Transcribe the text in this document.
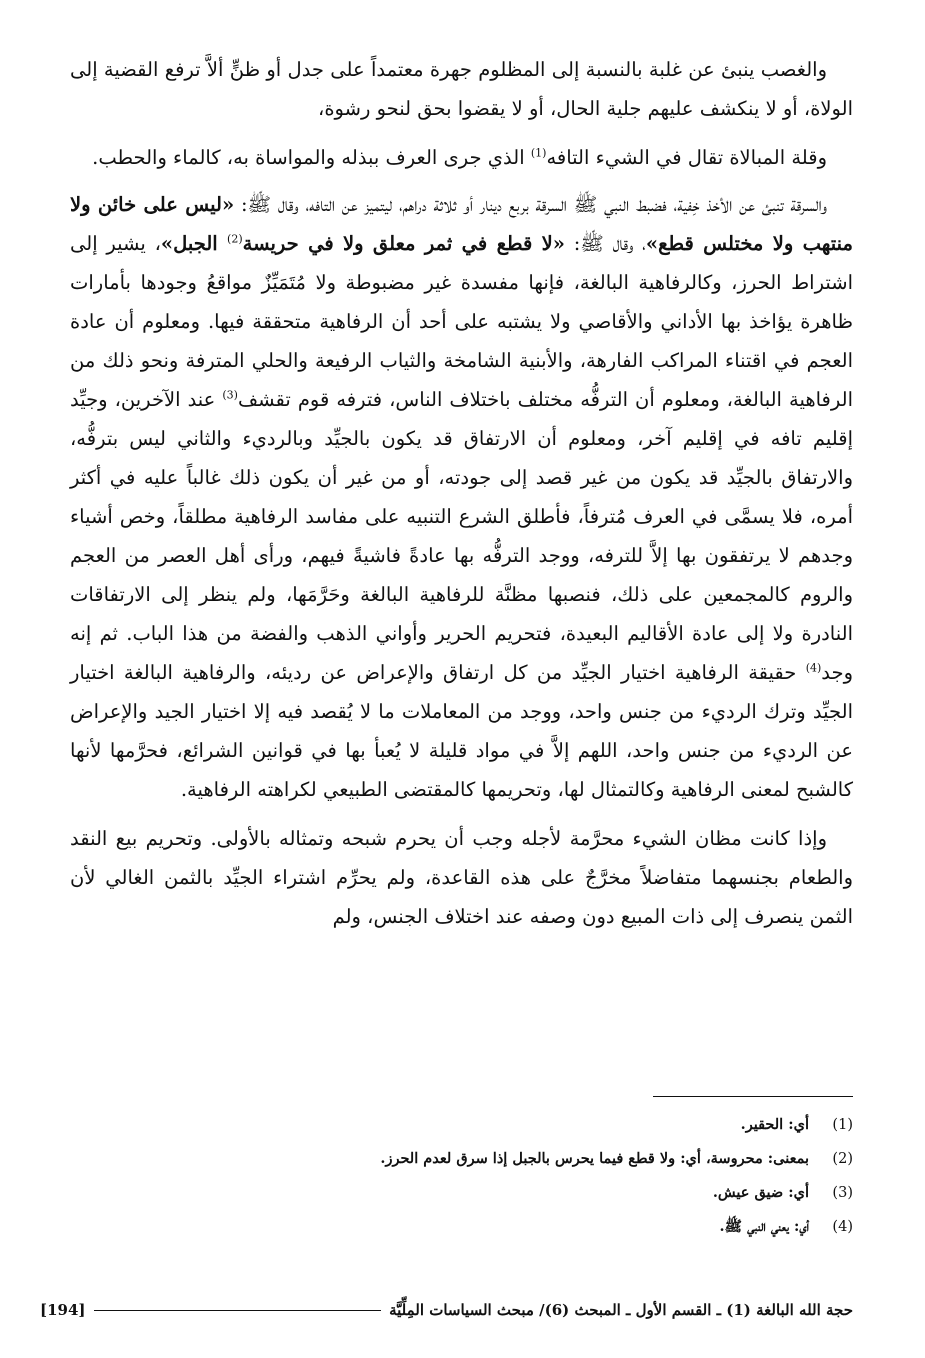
والغصب ينبئ عن غلبة بالنسبة إلى المظلوم جهرة معتمداً على جدل أو ظنٍّ ألاَّ ترفع القضية إلى الولاة، أو لا ينكشف عليهم جلية الحال، أو لا يقضوا بحق لنحو رشوة،

وقلة المبالاة تقال في الشيء التافه$^{(1)}$ الذي جرى العرف ببذله والمواساة به، كالماء والحطب.

والسرقة تنبئ عن الأخذ خِفية، فضبط النبي ﷺ السرقة بربع دينار أو ثلاثة دراهم، ليتميز عن التافه، وقال ﷺ: «ليس على خائن ولا منتهب ولا مختلس قطع»، وقال ﷺ: «لا قطع في ثمر معلق ولا في حريسة$^{(2)}$ الجبل»، يشير إلى اشتراط الحرز، وكالرفاهية البالغة، فإنها مفسدة غير مضبوطة ولا مُتَمَيِّزٌ مواقعُ وجودها بأمارات ظاهرة يؤاخذ بها الأداني والأقاصي ولا يشتبه على أحد أن الرفاهية متحققة فيها. ومعلوم أن عادة العجم في اقتناء المراكب الفارهة، والأبنية الشامخة والثياب الرفيعة والحلي المترفة ونحو ذلك من الرفاهية البالغة، ومعلوم أن الترفُّه مختلف باختلاف الناس، فترفه قوم تقشف$^{(3)}$ عند الآخرين، وجيِّد إقليم تافه في إقليم آخر، ومعلوم أن الارتفاق قد يكون بالجيِّد وبالرديء والثاني ليس بترفُّه، والارتفاق بالجيِّد قد يكون من غير قصد إلى جودته، أو من غير أن يكون ذلك غالباً عليه في أكثر أمره، فلا يسمَّى في العرف مُترفاً، فأطلق الشرع التنبيه على مفاسد الرفاهية مطلقاً، وخص أشياء وجدهم لا يرتفقون بها إلاَّ للترفه، ووجد الترفُّه بها عادةً فاشيةً فيهم، ورأى أهل العصر من العجم والروم كالمجمعين على ذلك، فنصبها مظنَّة للرفاهية البالغة وحَرَّمَها، ولم ينظر إلى الارتفاقات النادرة ولا إلى عادة الأقاليم البعيدة، فتحريم الحرير وأواني الذهب والفضة من هذا الباب. ثم إنه وجد$^{(4)}$ حقيقة الرفاهية اختيار الجيِّد من كل ارتفاق والإعراض عن رديئه، والرفاهية البالغة اختيار الجيِّد وترك الرديء من جنس واحد، ووجد من المعاملات ما لا يُقصد فيه إلا اختيار الجيد والإعراض عن الرديء من جنس واحد، اللهم إلاَّ في مواد قليلة لا يُعبأ بها في قوانين الشرائع، فحرَّمها لأنها كالشبح لمعنى الرفاهية وكالتمثال لها، وتحريمها كالمقتضى الطبيعي لكراهته الرفاهية.

وإذا كانت مظان الشيء محرَّمة لأجله وجب أن يحرم شبحه وتمثاله بالأولى. وتحريم بيع النقد والطعام بجنسهما متفاضلاً مخرَّجٌ على هذه القاعدة، ولم يحرِّم اشتراء الجيِّد بالثمن الغالي لأن الثمن ينصرف إلى ذات المبيع دون وصفه عند اختلاف الجنس، ولم

(1)
أي: الحقير.
(2)
بمعنى: محروسة، أي: ولا قطع فيما يحرس بالجبل إذا سرق لعدم الحرز.
(3)
أي: ضيق عيش.
(4)
أي: يعني النبي ﷺ.
حجة الله البالغة (1) ـ القسم الأول ـ المبحث (6)/ مبحث السياسات المِلِّيَّة
[194]
